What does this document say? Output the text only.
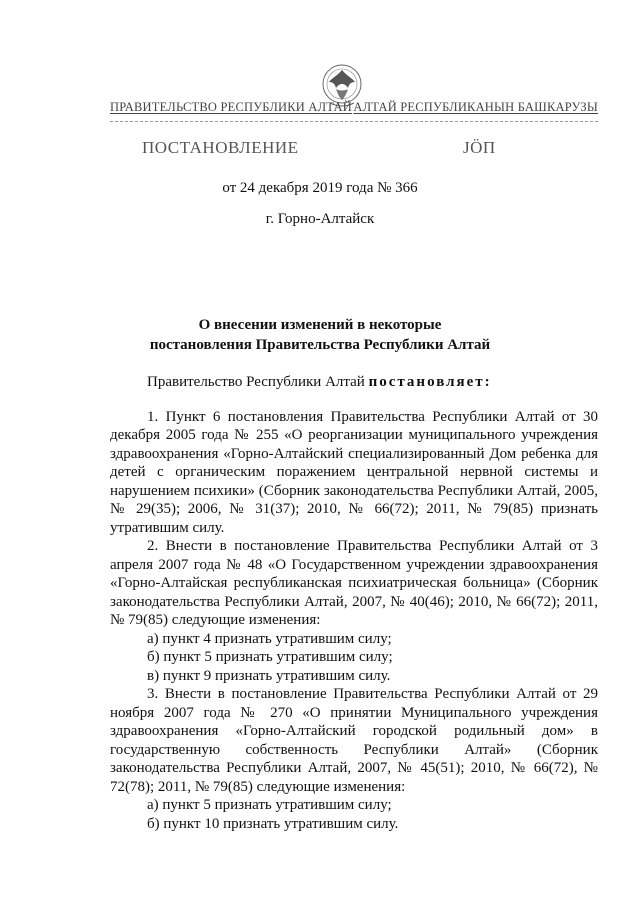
ПРАВИТЕЛЬСТВО РЕСПУБЛИКИ АЛТАЙ АЛТАЙ РЕСПУБЛИКАНЫН БАШКАРУЗЫ
ПОСТАНОВЛЕНИЕ	ЈӦП
от 24 декабря 2019 года № 366
г. Горно-Алтайск
О внесении изменений в некоторые
постановления Правительства Республики Алтай

Правительство Республики Алтай постановляет:

1. Пункт 6 постановления Правительства Республики Алтай от 30 декабря 2005 года № 255 «О реорганизации муниципального учреждения здравоохранения «Горно-Алтайский специализированный Дом ребенка для детей с органическим поражением центральной нервной системы и нарушением психики» (Сборник законодательства Республики Алтай, 2005, № 29(35); 2006, № 31(37); 2010, № 66(72); 2011, № 79(85) признать утратившим силу.

2. Внести в постановление Правительства Республики Алтай от 3 апреля 2007 года № 48 «О Государственном учреждении здравоохранения «Горно-Алтайская республиканская психиатрическая больница» (Сборник законодательства Республики Алтай, 2007, № 40(46); 2010, № 66(72); 2011, № 79(85) следующие изменения:

а) пункт 4 признать утратившим силу;

б) пункт 5 признать утратившим силу;

в) пункт 9 признать утратившим силу.

3. Внести в постановление Правительства Республики Алтай от 29 ноября 2007 года № 270 «О принятии Муниципального учреждения здравоохранения «Горно-Алтайский городской родильный дом» в государственную собственность Республики Алтай» (Сборник законодательства Республики Алтай, 2007, № 45(51); 2010, № 66(72), № 72(78); 2011, № 79(85) следующие изменения:

а) пункт 5 признать утратившим силу;

б) пункт 10 признать утратившим силу.
